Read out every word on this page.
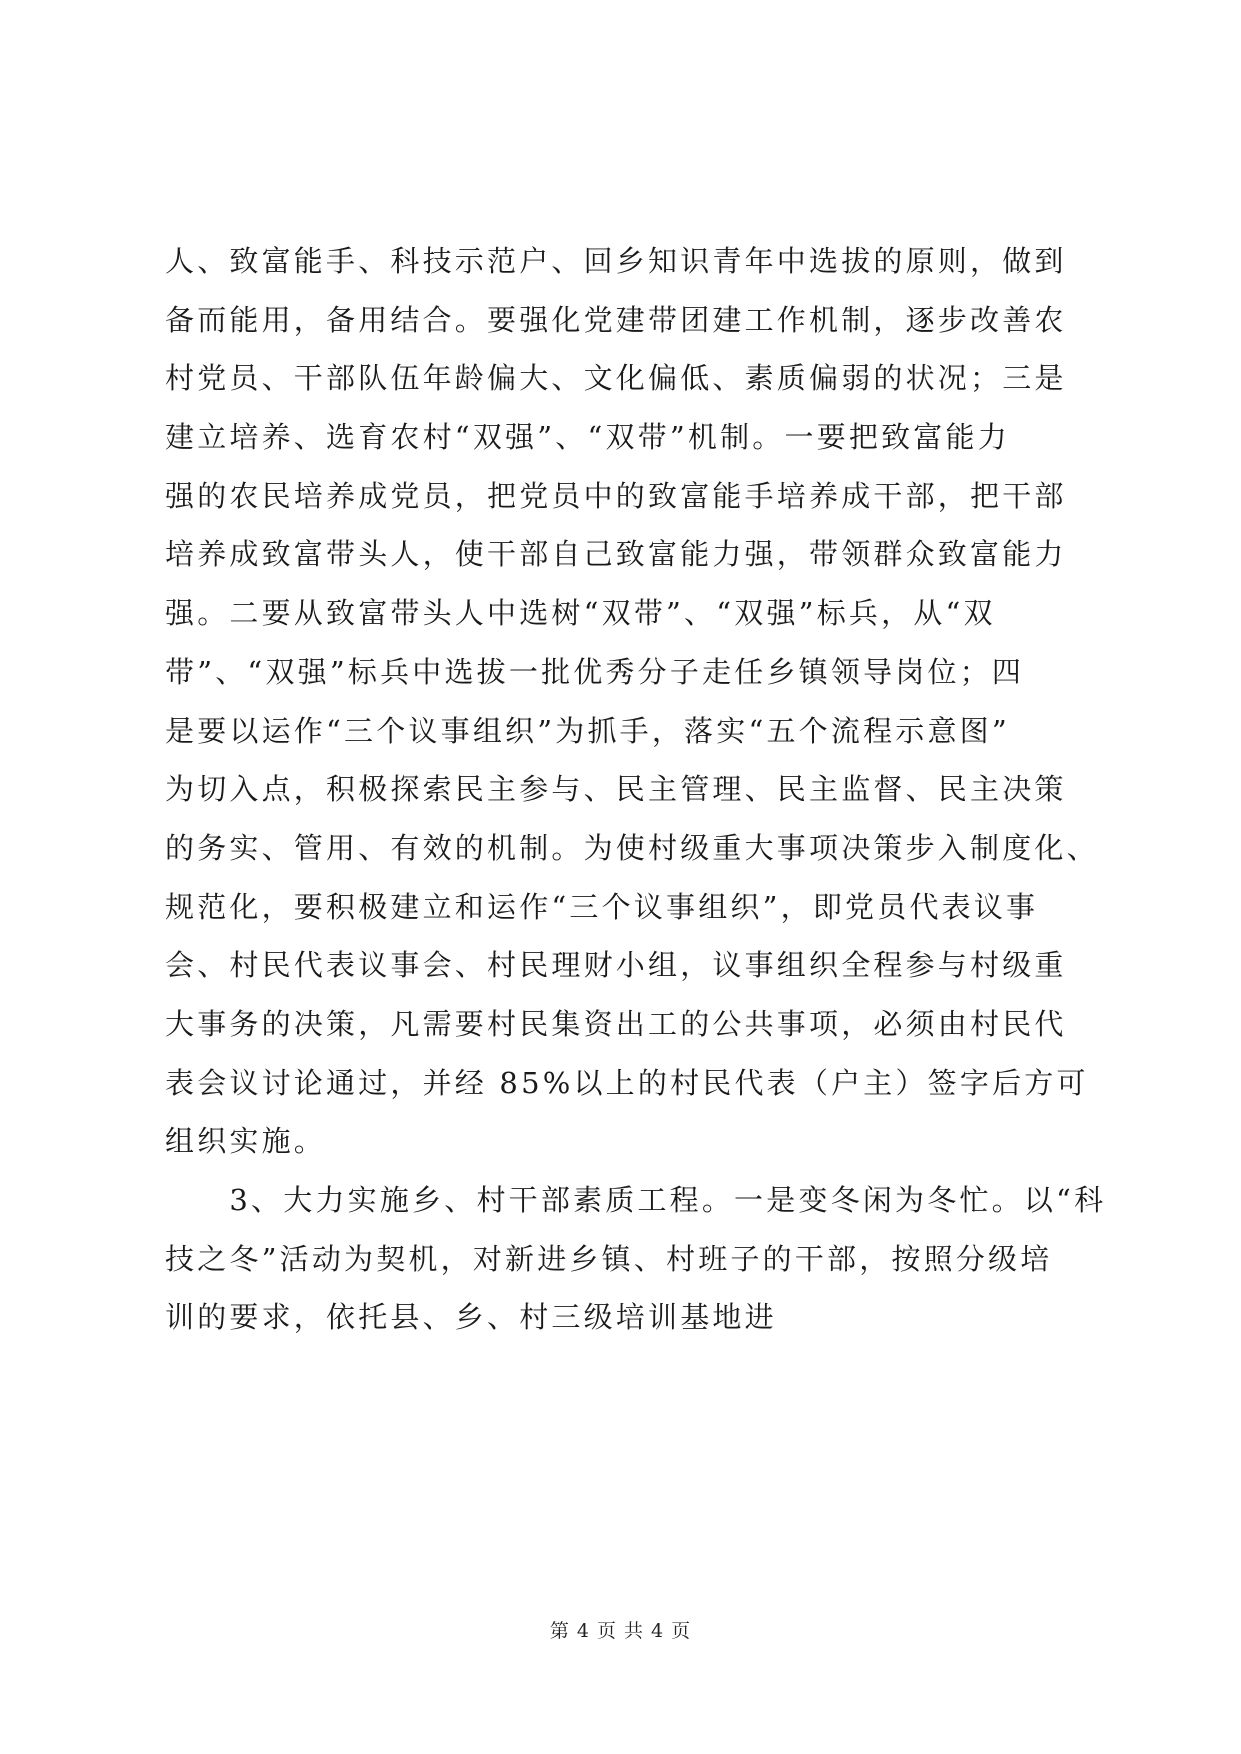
人、致富能手、科技示范户、回乡知识青年中选拔的原则，做到
备而能用，备用结合。要强化党建带团建工作机制，逐步改善农
村党员、干部队伍年龄偏大、文化偏低、素质偏弱的状况；三是
建立培养、选育农村“双强”、“双带”机制。一要把致富能力
强的农民培养成党员，把党员中的致富能手培养成干部，把干部
培养成致富带头人，使干部自己致富能力强，带领群众致富能力
强。二要从致富带头人中选树“双带”、“双强”标兵，从“双
带”、“双强”标兵中选拔一批优秀分子走任乡镇领导岗位；四
是要以运作“三个议事组织”为抓手，落实“五个流程示意图”
为切入点，积极探索民主参与、民主管理、民主监督、民主决策
的务实、管用、有效的机制。为使村级重大事项决策步入制度化、
规范化，要积极建立和运作“三个议事组织”，即党员代表议事
会、村民代表议事会、村民理财小组，议事组织全程参与村级重
大事务的决策，凡需要村民集资出工的公共事项，必须由村民代
表会议讨论通过，并经 85%以上的村民代表（户主）签字后方可
组织实施。
　　3、大力实施乡、村干部素质工程。一是变冬闲为冬忙。以“科
技之冬”活动为契机，对新进乡镇、村班子的干部，按照分级培
训的要求，依托县、乡、村三级培训基地进
第 4 页 共 4 页
